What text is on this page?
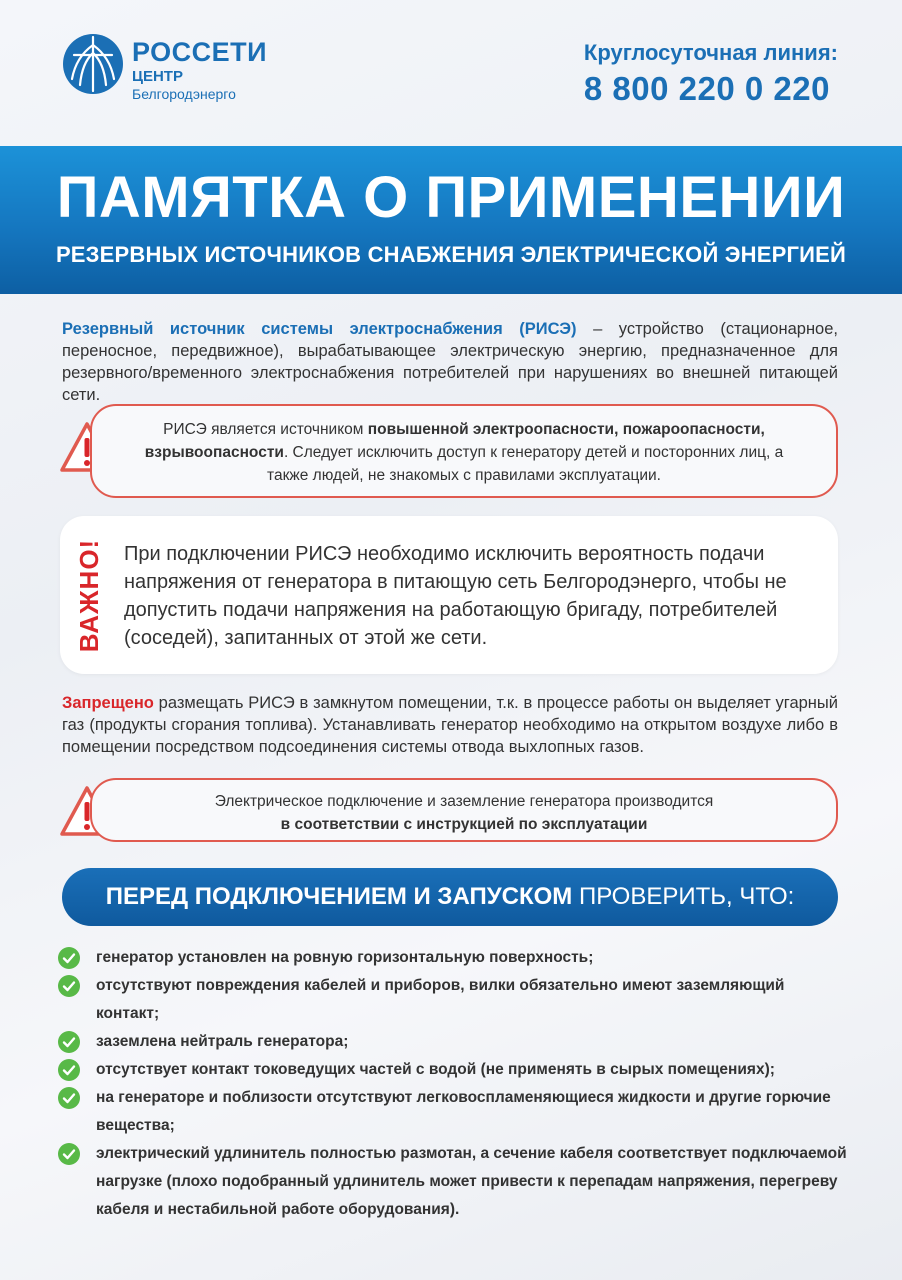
РОССЕТИ
ЦЕНТР
Белгородэнерго
Круглосуточная линия:
8 800 220 0 220
ПАМЯТКА О ПРИМЕНЕНИИ
РЕЗЕРВНЫХ ИСТОЧНИКОВ СНАБЖЕНИЯ ЭЛЕКТРИЧЕСКОЙ ЭНЕРГИЕЙ
Резервный источник системы электроснабжения (РИСЭ) – устройство (стационарное, переносное, передвижное), вырабатывающее электрическую энергию, предназначенное для резервного/временного электроснабжения потребителей при нарушениях во внешней питающей сети.
РИСЭ является источником повышенной электроопасности, пожароопасности, взрывоопасности. Следует исключить доступ к генератору детей и посторонних лиц, а также людей, не знакомых с правилами эксплуатации.
ВАЖНО! При подключении РИСЭ необходимо исключить вероятность подачи напряжения от генератора в питающую сеть Белгородэнерго, чтобы не допустить подачи напряжения на работающую бригаду, потребителей (соседей), запитанных от этой же сети.
Запрещено размещать РИСЭ в замкнутом помещении, т.к. в процессе работы он выделяет угарный газ (продукты сгорания топлива). Устанавливать генератор необходимо на открытом воздухе либо в помещении посредством подсоединения системы отвода выхлопных газов.
Электрическое подключение и заземление генератора производится
в соответствии с инструкцией по эксплуатации
ПЕРЕД ПОДКЛЮЧЕНИЕМ И ЗАПУСКОМ ПРОВЕРИТЬ, ЧТО:
генератор установлен на ровную горизонтальную поверхность;
отсутствуют повреждения кабелей и приборов, вилки обязательно имеют заземляющий контакт;
заземлена нейтраль генератора;
отсутствует контакт токоведущих частей с водой (не применять в сырых помещениях);
на генераторе и поблизости отсутствуют легковоспламеняющиеся жидкости и другие горючие вещества;
электрический удлинитель полностью размотан, а сечение кабеля соответствует подключаемой нагрузке (плохо подобранный удлинитель может привести к перепадам напряжения, перегреву кабеля и нестабильной работе оборудования).
